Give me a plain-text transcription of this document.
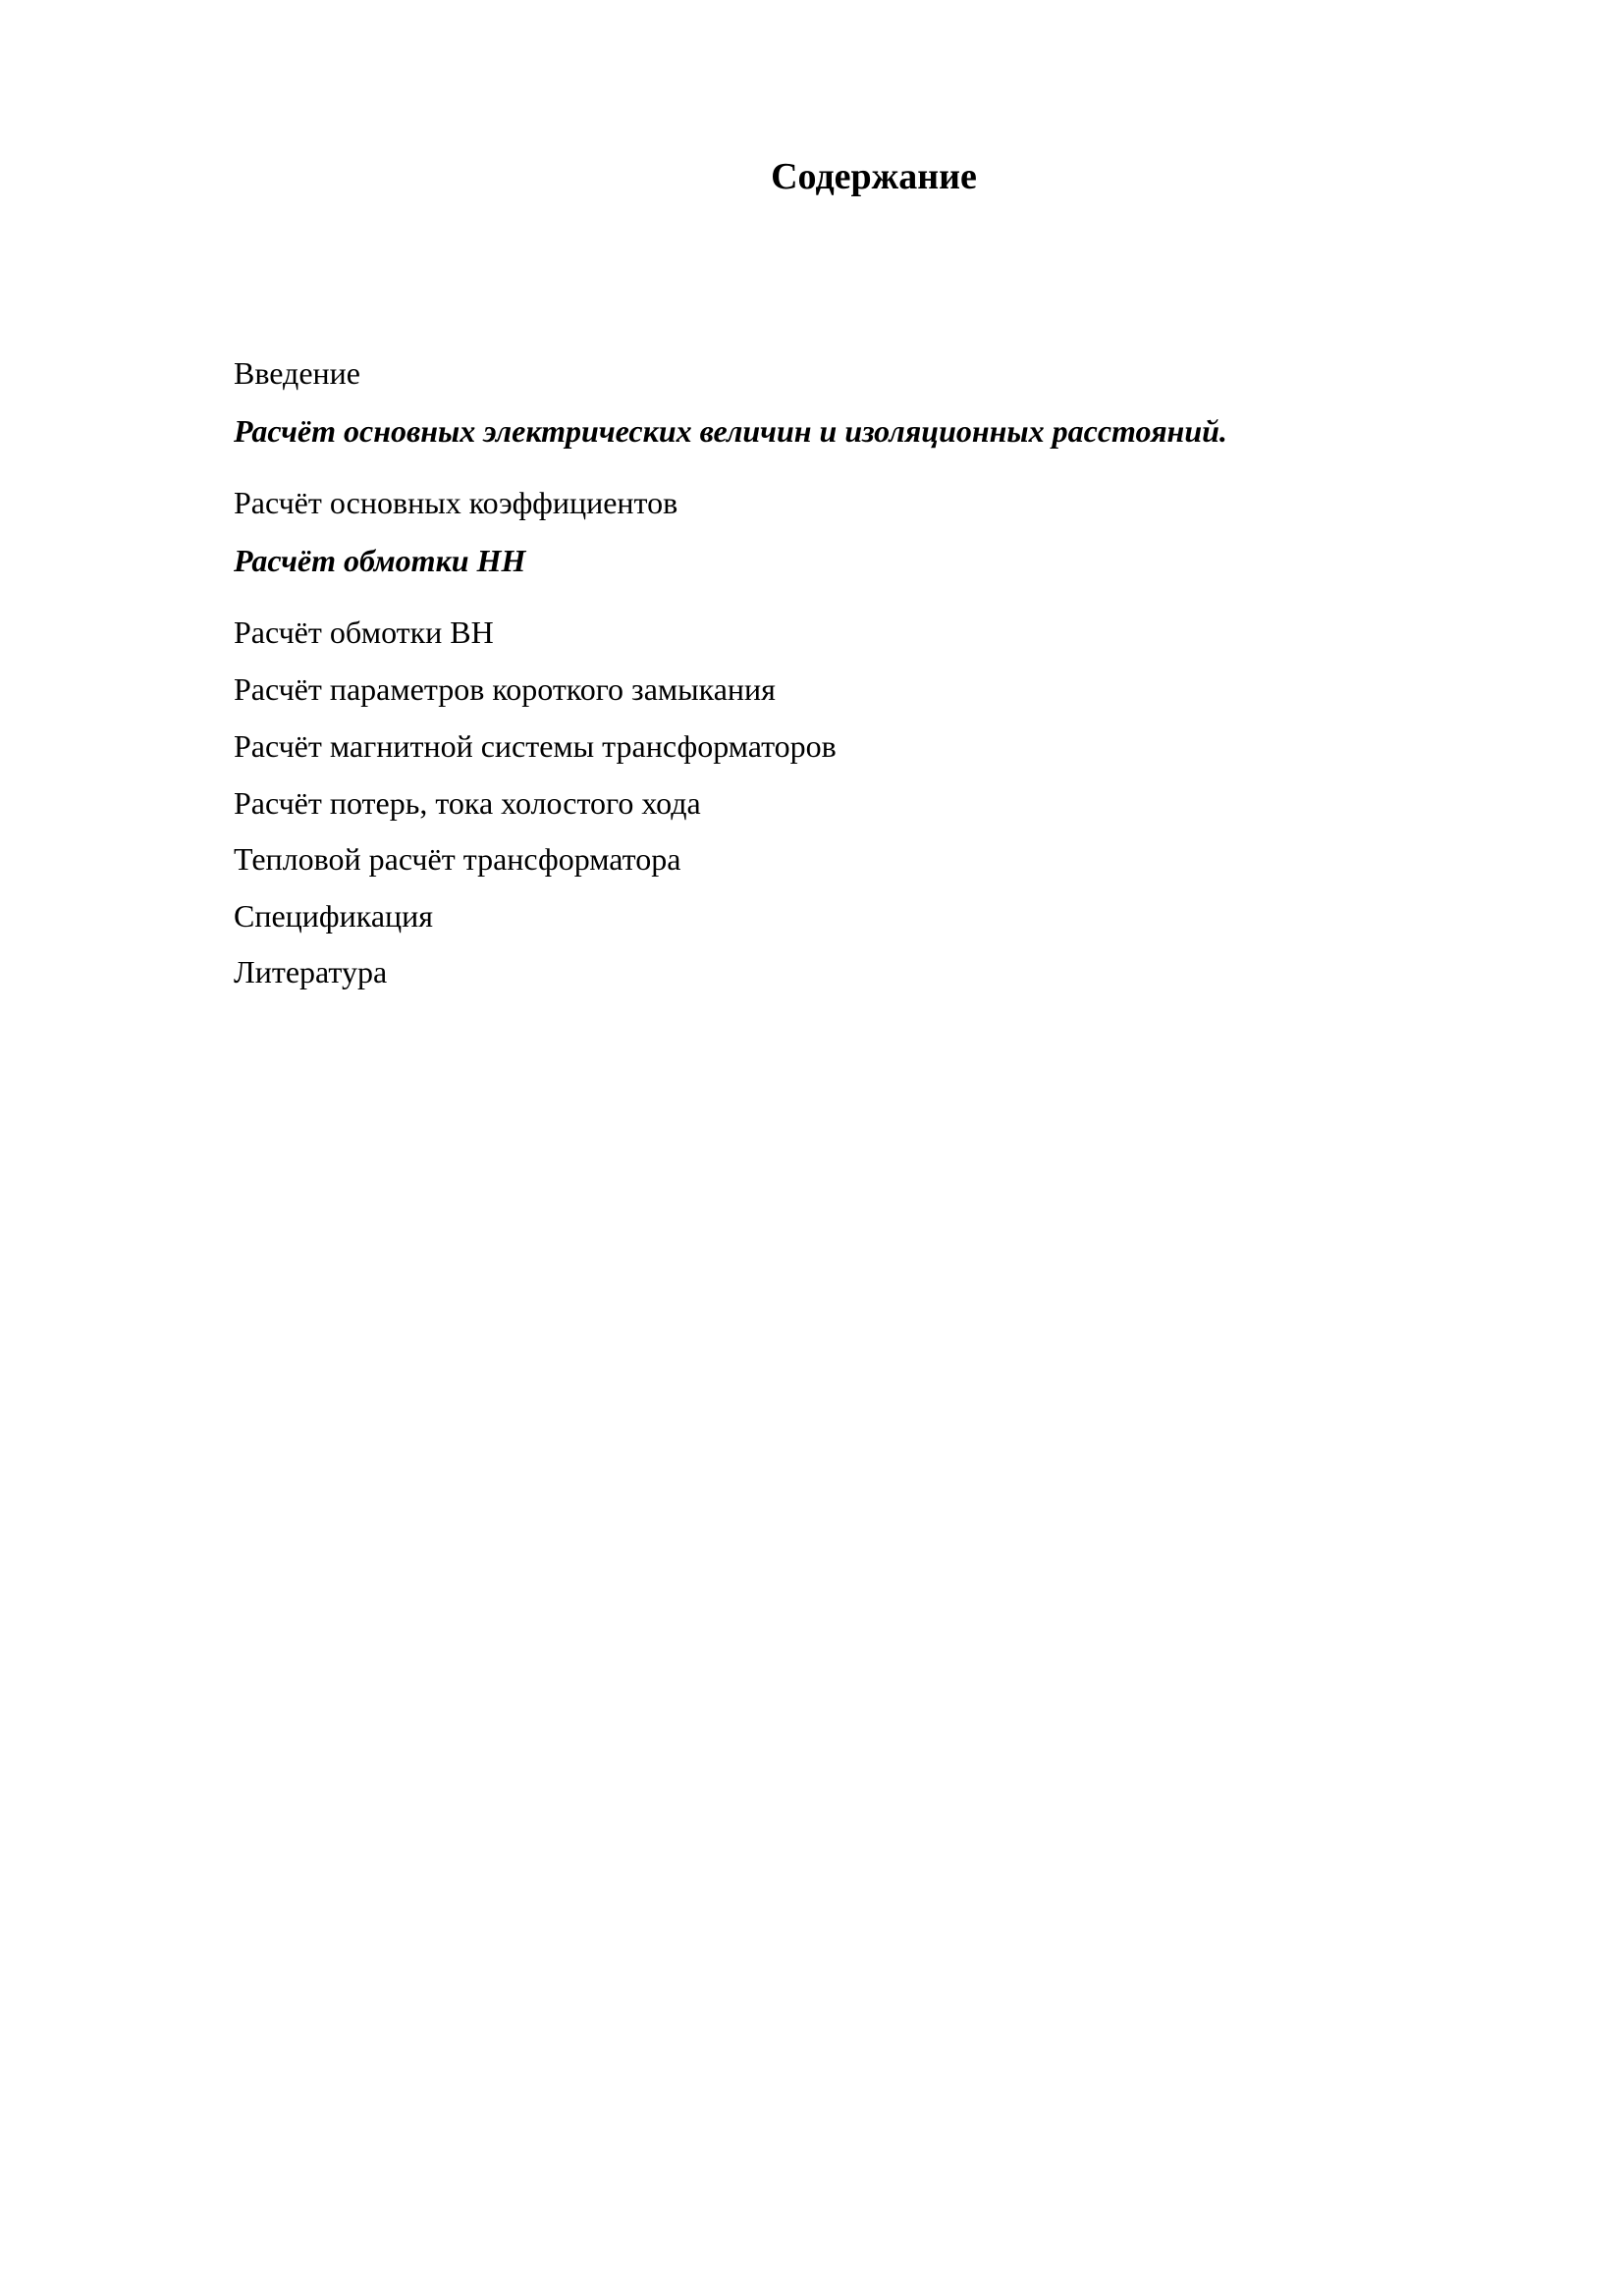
Содержание
Введение
Расчёт основных электрических величин и изоляционных расстояний.
Расчёт основных коэффициентов
Расчёт обмотки НН
Расчёт обмотки ВН
Расчёт параметров короткого замыкания
Расчёт магнитной системы трансформаторов
Расчёт потерь, тока холостого хода
Тепловой расчёт трансформатора
Спецификация
Литература
